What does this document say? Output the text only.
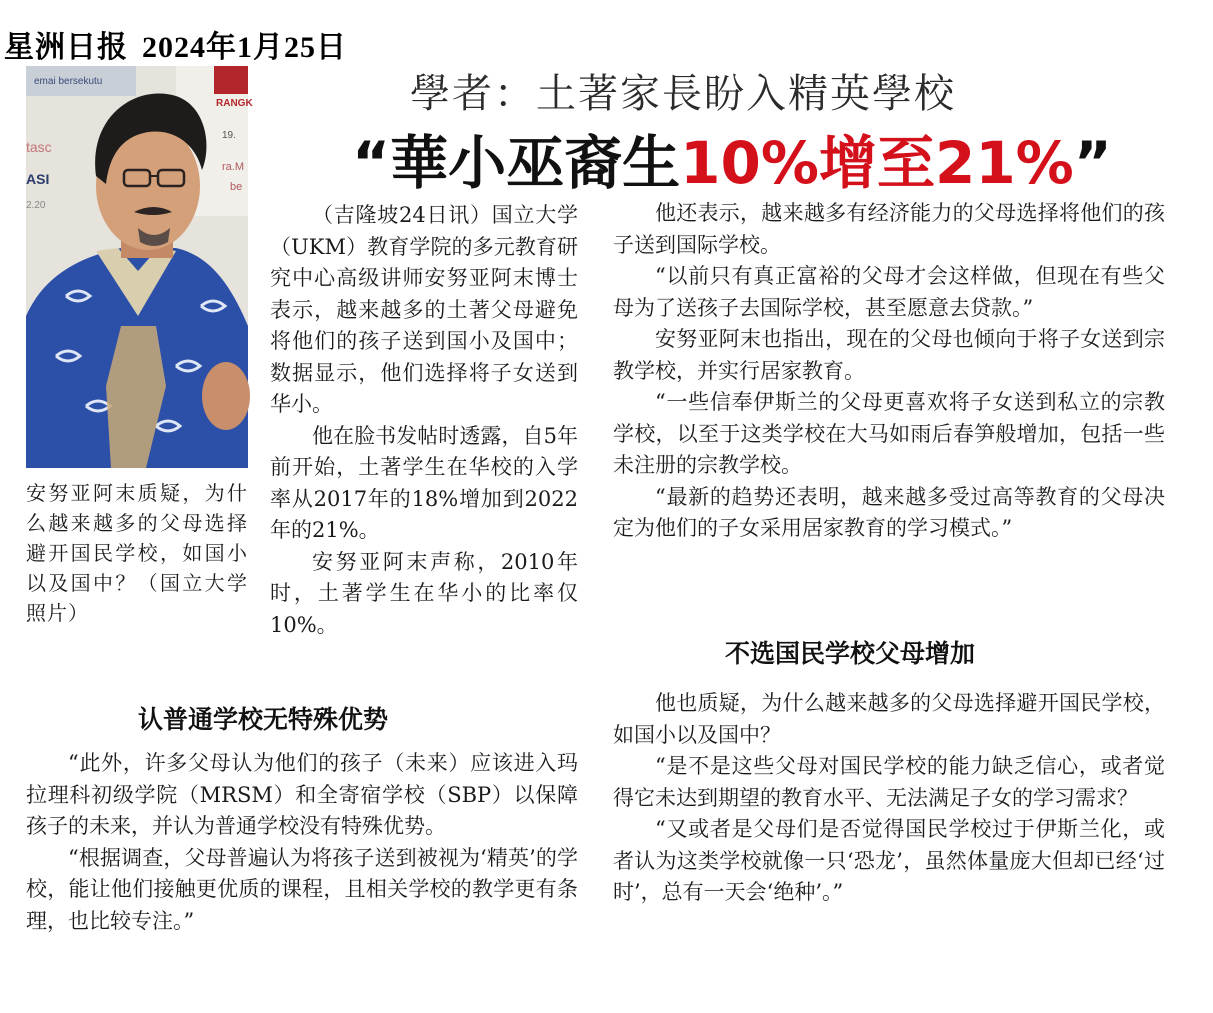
星洲日报 2024年1月25日
學者：土著家長盼入精英學校
“華小巫裔生10%增至21%”
emai bersekutu
RANGK
19.
tasc
ra.M
ASI	be
2.20
安努亚阿末质疑，为什么越来越多的父母选择避开国民学校，如国小以及国中？（国立大学照片）

（吉隆坡24日讯）国立大学（UKM）教育学院的多元教育研究中心高级讲师安努亚阿末博士表示，越来越多的土著父母避免将他们的孩子送到国小及国中；数据显示，他们选择将子女送到华小。

他在脸书发帖时透露，自5年前开始，土著学生在华校的入学率从2017年的18%增加到2022年的21%。

安努亚阿末声称，2010年时，土著学生在华小的比率仅10%。

认普通学校无特殊优势

“此外，许多父母认为他们的孩子（未来）应该进入玛拉理科初级学院（MRSM）和全寄宿学校（SBP）以保障孩子的未来，并认为普通学校没有特殊优势。

“根据调查，父母普遍认为将孩子送到被视为‘精英’的学校，能让他们接触更优质的课程，且相关学校的教学更有条理，也比较专注。”

他还表示，越来越多有经济能力的父母选择将他们的孩子送到国际学校。

“以前只有真正富裕的父母才会这样做，但现在有些父母为了送孩子去国际学校，甚至愿意去贷款。”

安努亚阿末也指出，现在的父母也倾向于将子女送到宗教学校，并实行居家教育。

“一些信奉伊斯兰的父母更喜欢将子女送到私立的宗教学校，以至于这类学校在大马如雨后春笋般增加，包括一些未注册的宗教学校。

“最新的趋势还表明，越来越多受过高等教育的父母决定为他们的子女采用居家教育的学习模式。”

不选国民学校父母增加

他也质疑，为什么越来越多的父母选择避开国民学校，如国小以及国中？

“是不是这些父母对国民学校的能力缺乏信心，或者觉得它未达到期望的教育水平、无法满足子女的学习需求？

“又或者是父母们是否觉得国民学校过于伊斯兰化，或者认为这类学校就像一只‘恐龙’，虽然体量庞大但却已经‘过时’，总有一天会‘绝种’。”
